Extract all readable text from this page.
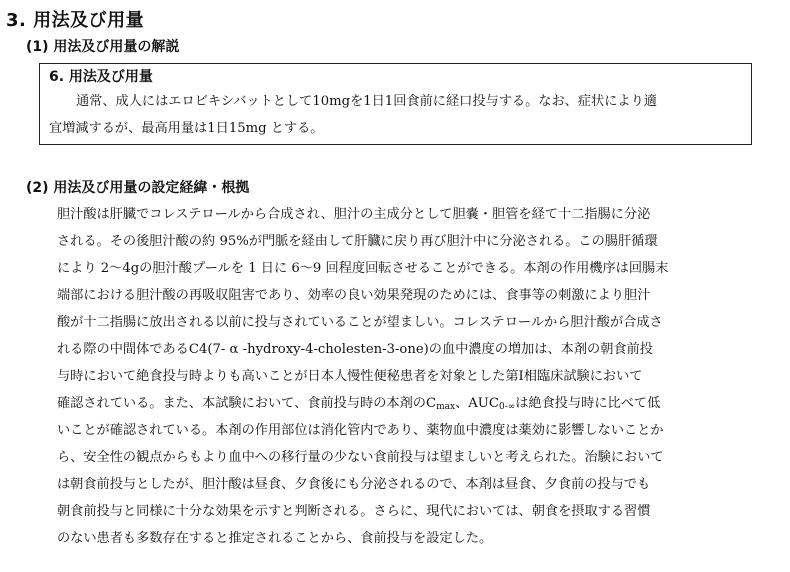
3. 用法及び用量
(1) 用法及び用量の解説
6. 用法及び用量
通常、成人にはエロビキシバットとして10mgを1日1回食前に経口投与する。なお、症状により適
宜増減するが、最高用量は1日15mg とする。
(2) 用法及び用量の設定経緯・根拠
胆汁酸は肝臓でコレステロールから合成され、胆汁の主成分として胆嚢・胆管を経て十二指腸に分泌
される。その後胆汁酸の約 95%が門脈を経由して肝臓に戻り再び胆汁中に分泌される。この腸肝循環
により 2～4gの胆汁酸プールを 1 日に 6～9 回程度回転させることができる。本剤の作用機序は回腸末
端部における胆汁酸の再吸収阻害であり、効率の良い効果発現のためには、食事等の刺激により胆汁
酸が十二指腸に放出される以前に投与されていることが望ましい。コレステロールから胆汁酸が合成さ
れる際の中間体であるC4(7- α -hydroxy-4-cholesten-3-one)の血中濃度の増加は、本剤の朝食前投
与時において絶食投与時よりも高いことが日本人慢性便秘患者を対象とした第I相臨床試験において
確認されている。また、本試験において、食前投与時の本剤の$C_{max}$、$AUC_{0-\infty}$は絶食投与時に比べて低
いことが確認されている。本剤の作用部位は消化管内であり、薬物血中濃度は薬効に影響しないことか
ら、安全性の観点からもより血中への移行量の少ない食前投与は望ましいと考えられた。治験において
は朝食前投与としたが、胆汁酸は昼食、夕食後にも分泌されるので、本剤は昼食、夕食前の投与でも
朝食前投与と同様に十分な効果を示すと判断される。さらに、現代においては、朝食を摂取する習慣
のない患者も多数存在すると推定されることから、食前投与を設定した。
